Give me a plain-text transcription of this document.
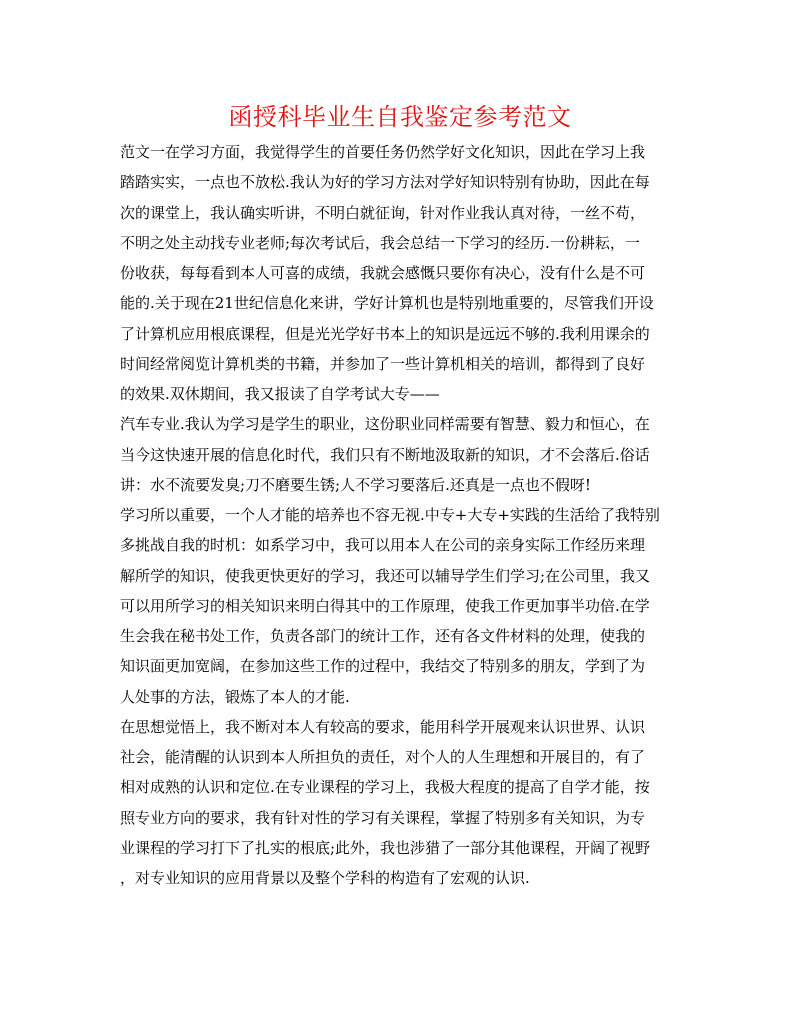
函授科毕业生自我鉴定参考范文
范文一在学习方面，我觉得学生的首要任务仍然学好文化知识，因此在学习上我
踏踏实实，一点也不放松.我认为好的学习方法对学好知识特别有协助，因此在每
次的课堂上，我认确实听讲，不明白就征询，针对作业我认真对待，一丝不苟，
不明之处主动找专业老师;每次考试后，我会总结一下学习的经历.一份耕耘，一
份收获，每每看到本人可喜的成绩，我就会感慨只要你有决心，没有什么是不可
能的.关于现在21世纪信息化来讲，学好计算机也是特别地重要的，尽管我们开设
了计算机应用根底课程，但是光光学好书本上的知识是远远不够的.我利用课余的
时间经常阅览计算机类的书籍，并参加了一些计算机相关的培训，都得到了良好
的效果.双休期间，我又报读了自学考试大专——
汽车专业.我认为学习是学生的职业，这份职业同样需要有智慧、毅力和恒心，在
当今这快速开展的信息化时代，我们只有不断地汲取新的知识，才不会落后.俗话
讲：水不流要发臭;刀不磨要生锈;人不学习要落后.还真是一点也不假呀!
学习所以重要，一个人才能的培养也不容无视.中专+大专+实践的生活给了我特别
多挑战自我的时机：如系学习中，我可以用本人在公司的亲身实际工作经历来理
解所学的知识，使我更快更好的学习，我还可以辅导学生们学习;在公司里，我又
可以用所学习的相关知识来明白得其中的工作原理，使我工作更加事半功倍.在学
生会我在秘书处工作，负责各部门的统计工作，还有各文件材料的处理，使我的
知识面更加宽阔，在参加这些工作的过程中，我结交了特别多的朋友，学到了为
人处事的方法，锻炼了本人的才能.
在思想觉悟上，我不断对本人有较高的要求，能用科学开展观来认识世界、认识
社会，能清醒的认识到本人所担负的责任，对个人的人生理想和开展目的，有了
相对成熟的认识和定位.在专业课程的学习上，我极大程度的提高了自学才能，按
照专业方向的要求，我有针对性的学习有关课程，掌握了特别多有关知识，为专
业课程的学习打下了扎实的根底;此外，我也涉猎了一部分其他课程，开阔了视野
，对专业知识的应用背景以及整个学科的构造有了宏观的认识.
